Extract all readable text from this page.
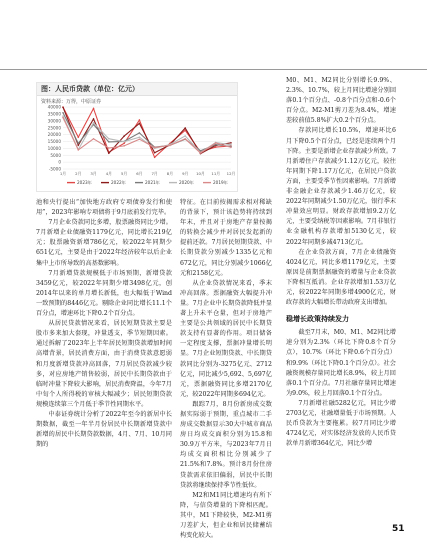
-5000
0
5000
10000
15000
20000
25000
30000
35000
40000
1月 2月 3月 4月 5月 6月 7月 8月 9月 10月 11月 12月
2023年	2022年	2021年	2020年	2019年
图：人民币贷款（单位：亿元）
资料来源：万得，中原证券

池和央行提出“加快地方政府专项债券发行和使用”，2023年影响专项债将于9月底前发行完毕。

7月企业贷款同比多增，股票融资同比少增。7月新增企业债融资1179亿元，同比增长219亿元；股票融资新增786亿元，较2022年同期少651亿元，主要是由于2022年经济较年以后企业集中上市所导致的高基数影响。

7月新增贷款规模低于市场预期，新增贷款3459亿元，较2022年同期少增3498亿元，创2014年以来的单月增长新低，也大幅低于Wind一致预期的8446亿元。剔除企业同比增长11.1个百分点，增速环比下降0.2个百分点。

从居民贷款情况来看，居民短期贷款主要是股市多来加大套现，冲量透支，季节短期因素。通过拆解了2023年上半年居民短期贷款增加时间高增背景，居民消费方面，由于消费贷款意愿弱和月度新增贷款冲高回落，7月居民贷款减少较多，对应房地产销售较弱，居民中长期贷款由于临时冲量下降较大影响，居民消费降温，今年7月中旬个人所得税的审核大幅减少；居民短期贷款规模连续第三个月低于季节性同期水平。

中泰证券统计分析了2022年至今的新居中长期数据，截至一年半月份居民中长期新增贷款中新增的居民中长期贷款数据，4月、7月、10月同期的

特征。在目前按揭需求相对稀缺的背景下，预计该趋势将持续到年末，并且对于房地产存量按揭的转换会减少并对居民发起新的提前还款。7月居民短期贷款、中长期贷款分别减少1335亿元和672亿元，同比分别减少1066亿元和2158亿元。

从企业贷款情况来看，季末冲高回落。票据融资大幅提升冲量。7月企业中长期贷款降低并显著上升未平仓量，但对于房地产主要是公共领域的居民中长期贷款支持有显著的作用。项目储备一定程度支撑，票据冲量增长明显。7月企业短期贷款、中长期贷款同比分别为-3275亿元、2712亿元，同比减少5,692、5,697亿元，票据融资同比多增2170亿元，较2022年同期多694亿元。

跟踪7月，8月份新房成交数据实际弱于预期，重点城市二手房成交数据显示30大中城市商品房日均成交面积分别为15.8和30.9万平方米，与2023年7月日均成交面积相比分别减少了21.5%和7.8%。预计8月份住房贷款需求依旧偏弱，居民中长期贷款将继续保持季节性低位。

M2和M1同比增速均有所下降，与信贷增量的下降相匹配。其中，M1下降较快，M2-M1剪刀差扩大，但企业和居民储蓄结构变化较大。

M0、M1、M2同比分别增长9.9%、2.3%、10.7%，较上月同比增速分别回落0.1个百分点、-0.8个百分点和-0.6个百分点。M2-M1剪刀差为8.4%，增速差较前值5.8%扩大0.2个百分点。

存款同比增长10.5%，增速环比6月下降0.5个百分点，已经是连续两个月下降。主要是新增企业存款减少所致。7月新增住户存款减少1.12万亿元，较往年同期下降1.17万亿元，在居民户贷款方面，主要受季节性因素影响。7月新增非金融企业存款减少1.46万亿元，较2022年同期减少1.50万亿元，银行季末冲量效应明显。财政存款增加9.2万亿元，主要受纳税等因素影响。7月非银行业金融机构存款增加5130亿元，较2022年同期多减4713亿元。

在企业贷款方面，7月企业债融资4024亿元，同比多增1179亿元，主要原因是前期票据融资的增量与企业贷款下降相互抵消。企业存款增加1.53万亿元，较2022年同期多增4900亿元，财政存款的大幅增长带动政府支出增加。

稳增长政策持续发力

截至7月末，M0、M1、M2同比增速分别为2.3%（环比下降0.8个百分点），10.7%（环比下降0.6个百分点）和9.9%（环比下降0.1个百分点）。社会融资规模存量同比增长8.9%，较上月回落0.1个百分点。7月社融存量同比增速为9.0%，较上月回落0.1个百分点。

7月新增社融5282亿元，同比少增2703亿元，社融增量低于市场预期。人民币贷款为主要拖累。较7月同比少增4724亿元，对实体经济发放的人民币贷款单月新增364亿元，同比少增

51
